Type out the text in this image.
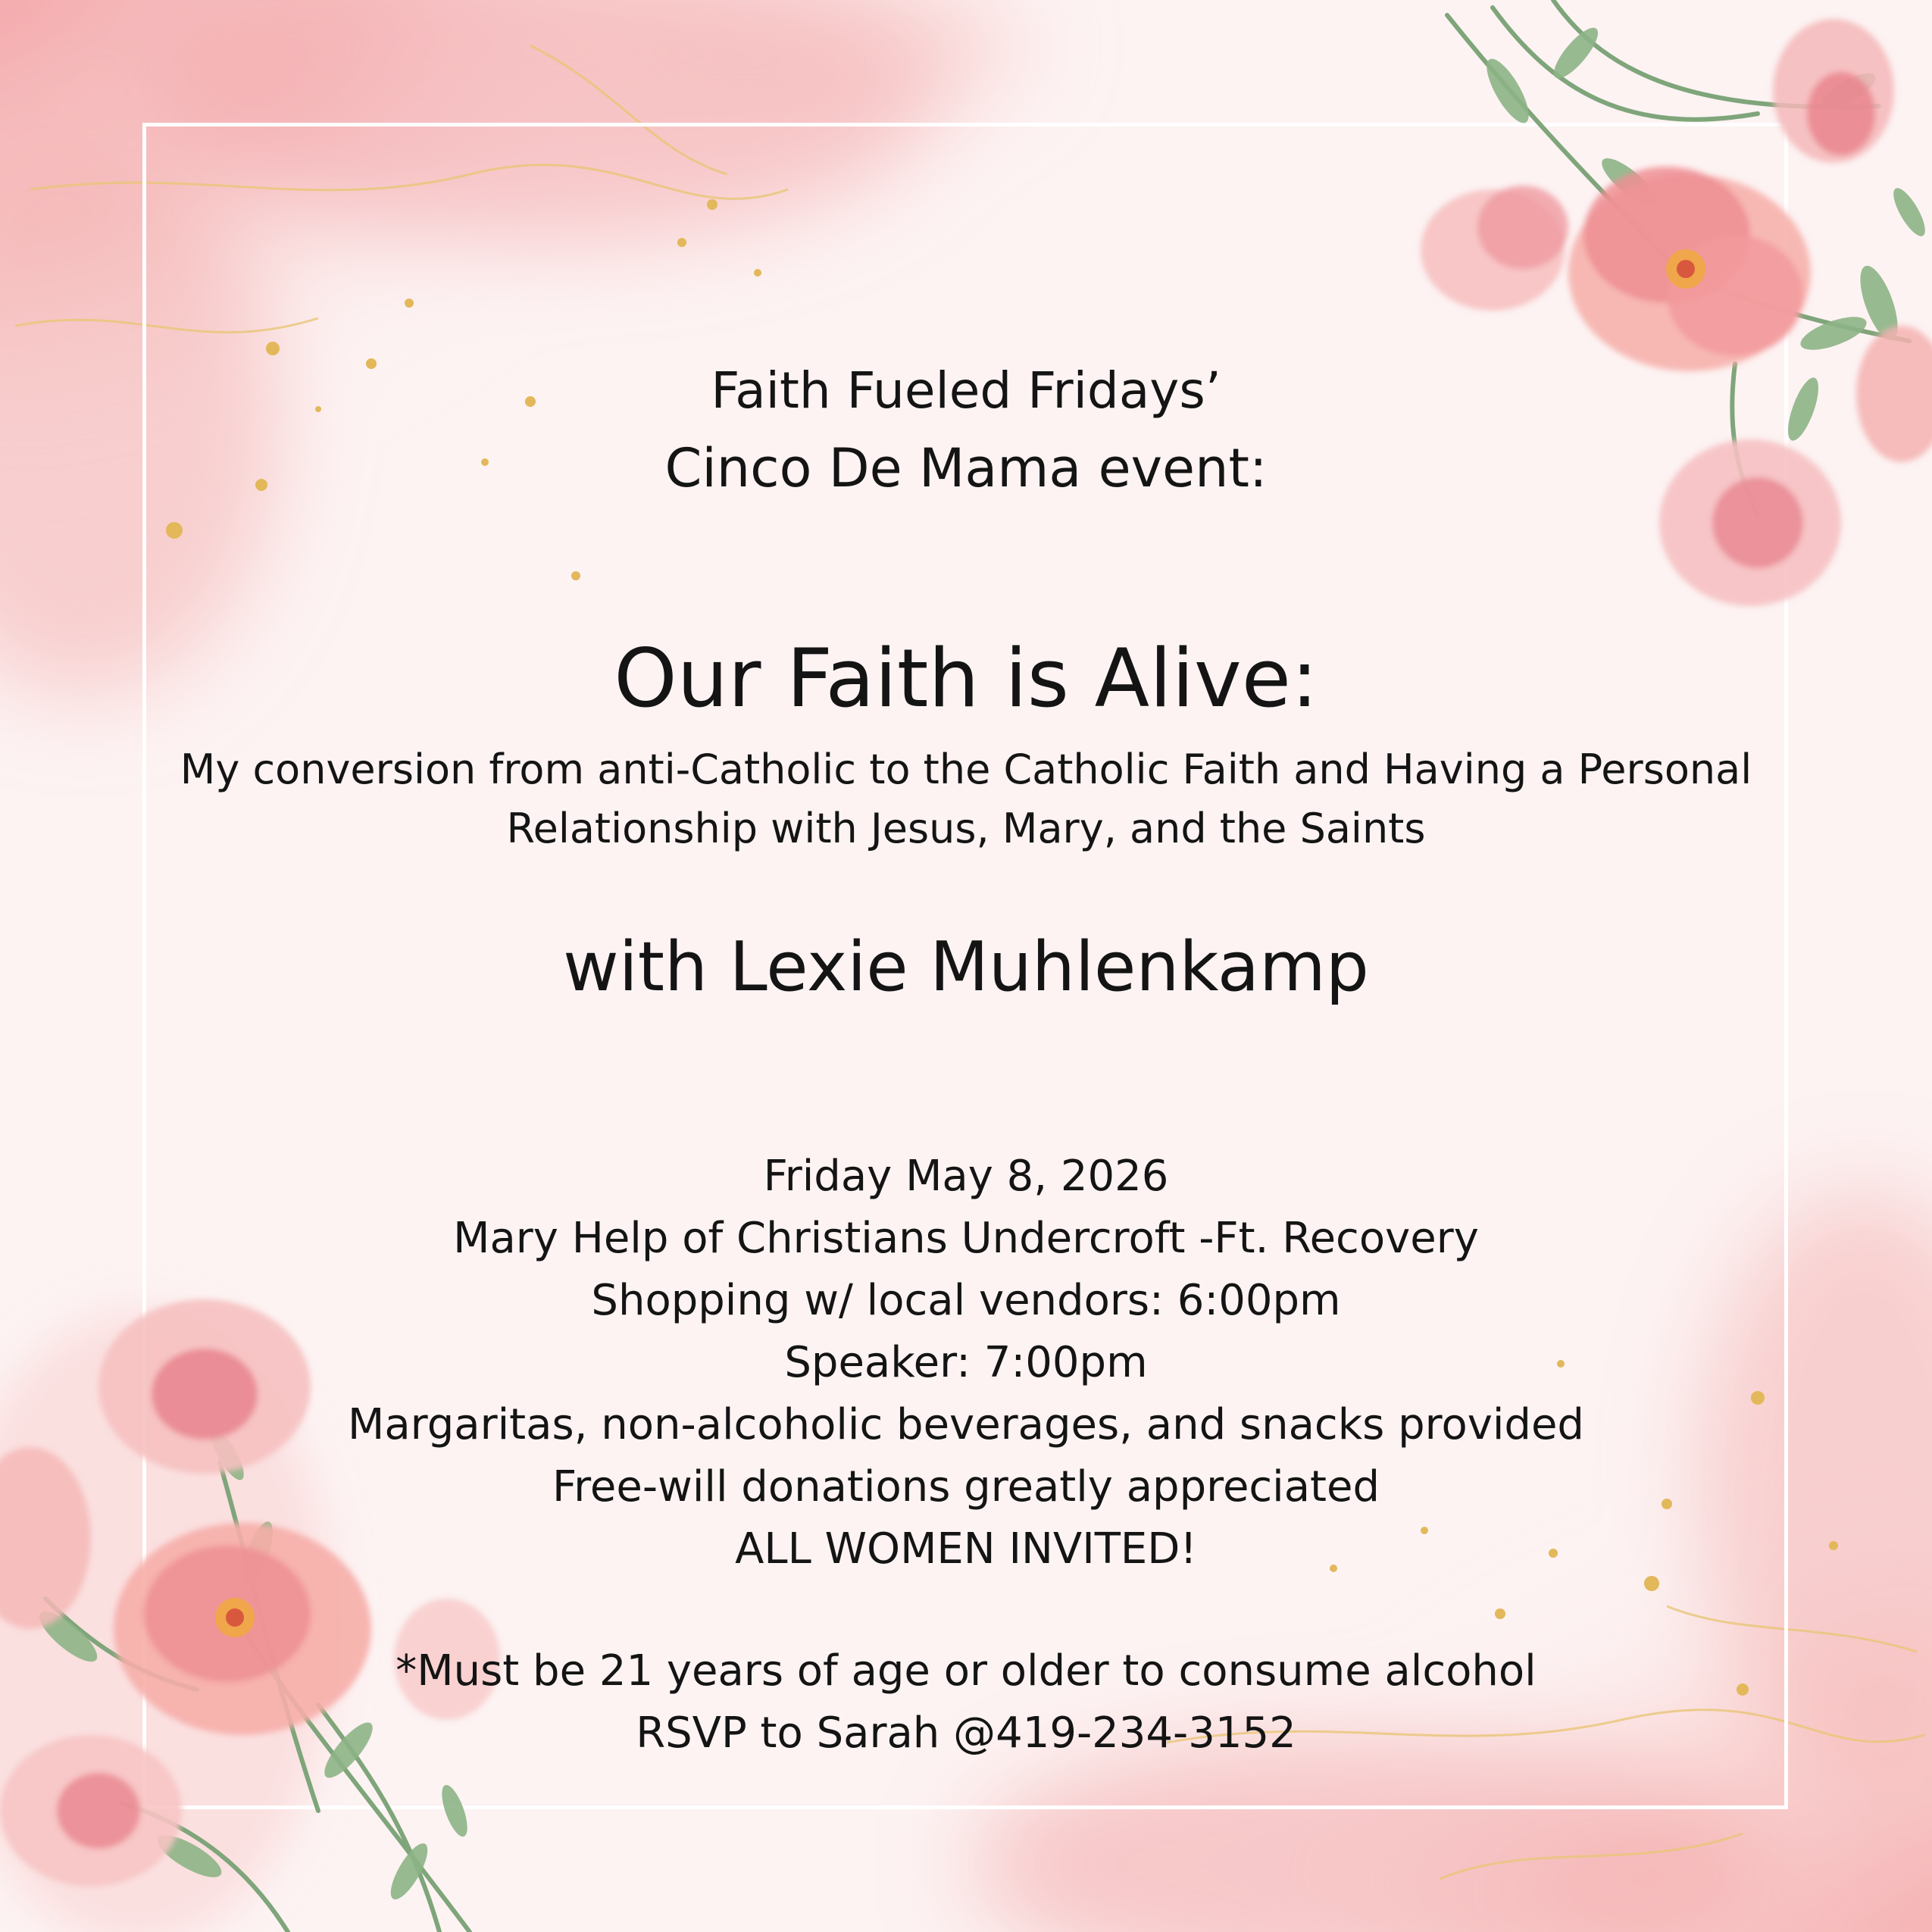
Faith Fueled Fridays’
Cinco De Mama event:
Our Faith is Alive:
My conversion from anti-Catholic to the Catholic Faith and Having a Personal
Relationship with Jesus, Mary, and the Saints
with Lexie Muhlenkamp
Friday May 8, 2026
Mary Help of Christians Undercroft -Ft. Recovery
Shopping w/ local vendors: 6:00pm
Speaker: 7:00pm
Margaritas, non-alcoholic beverages, and snacks provided
Free-will donations greatly appreciated
ALL WOMEN INVITED!
*Must be 21 years of age or older to consume alcohol
RSVP to Sarah @419-234-3152
